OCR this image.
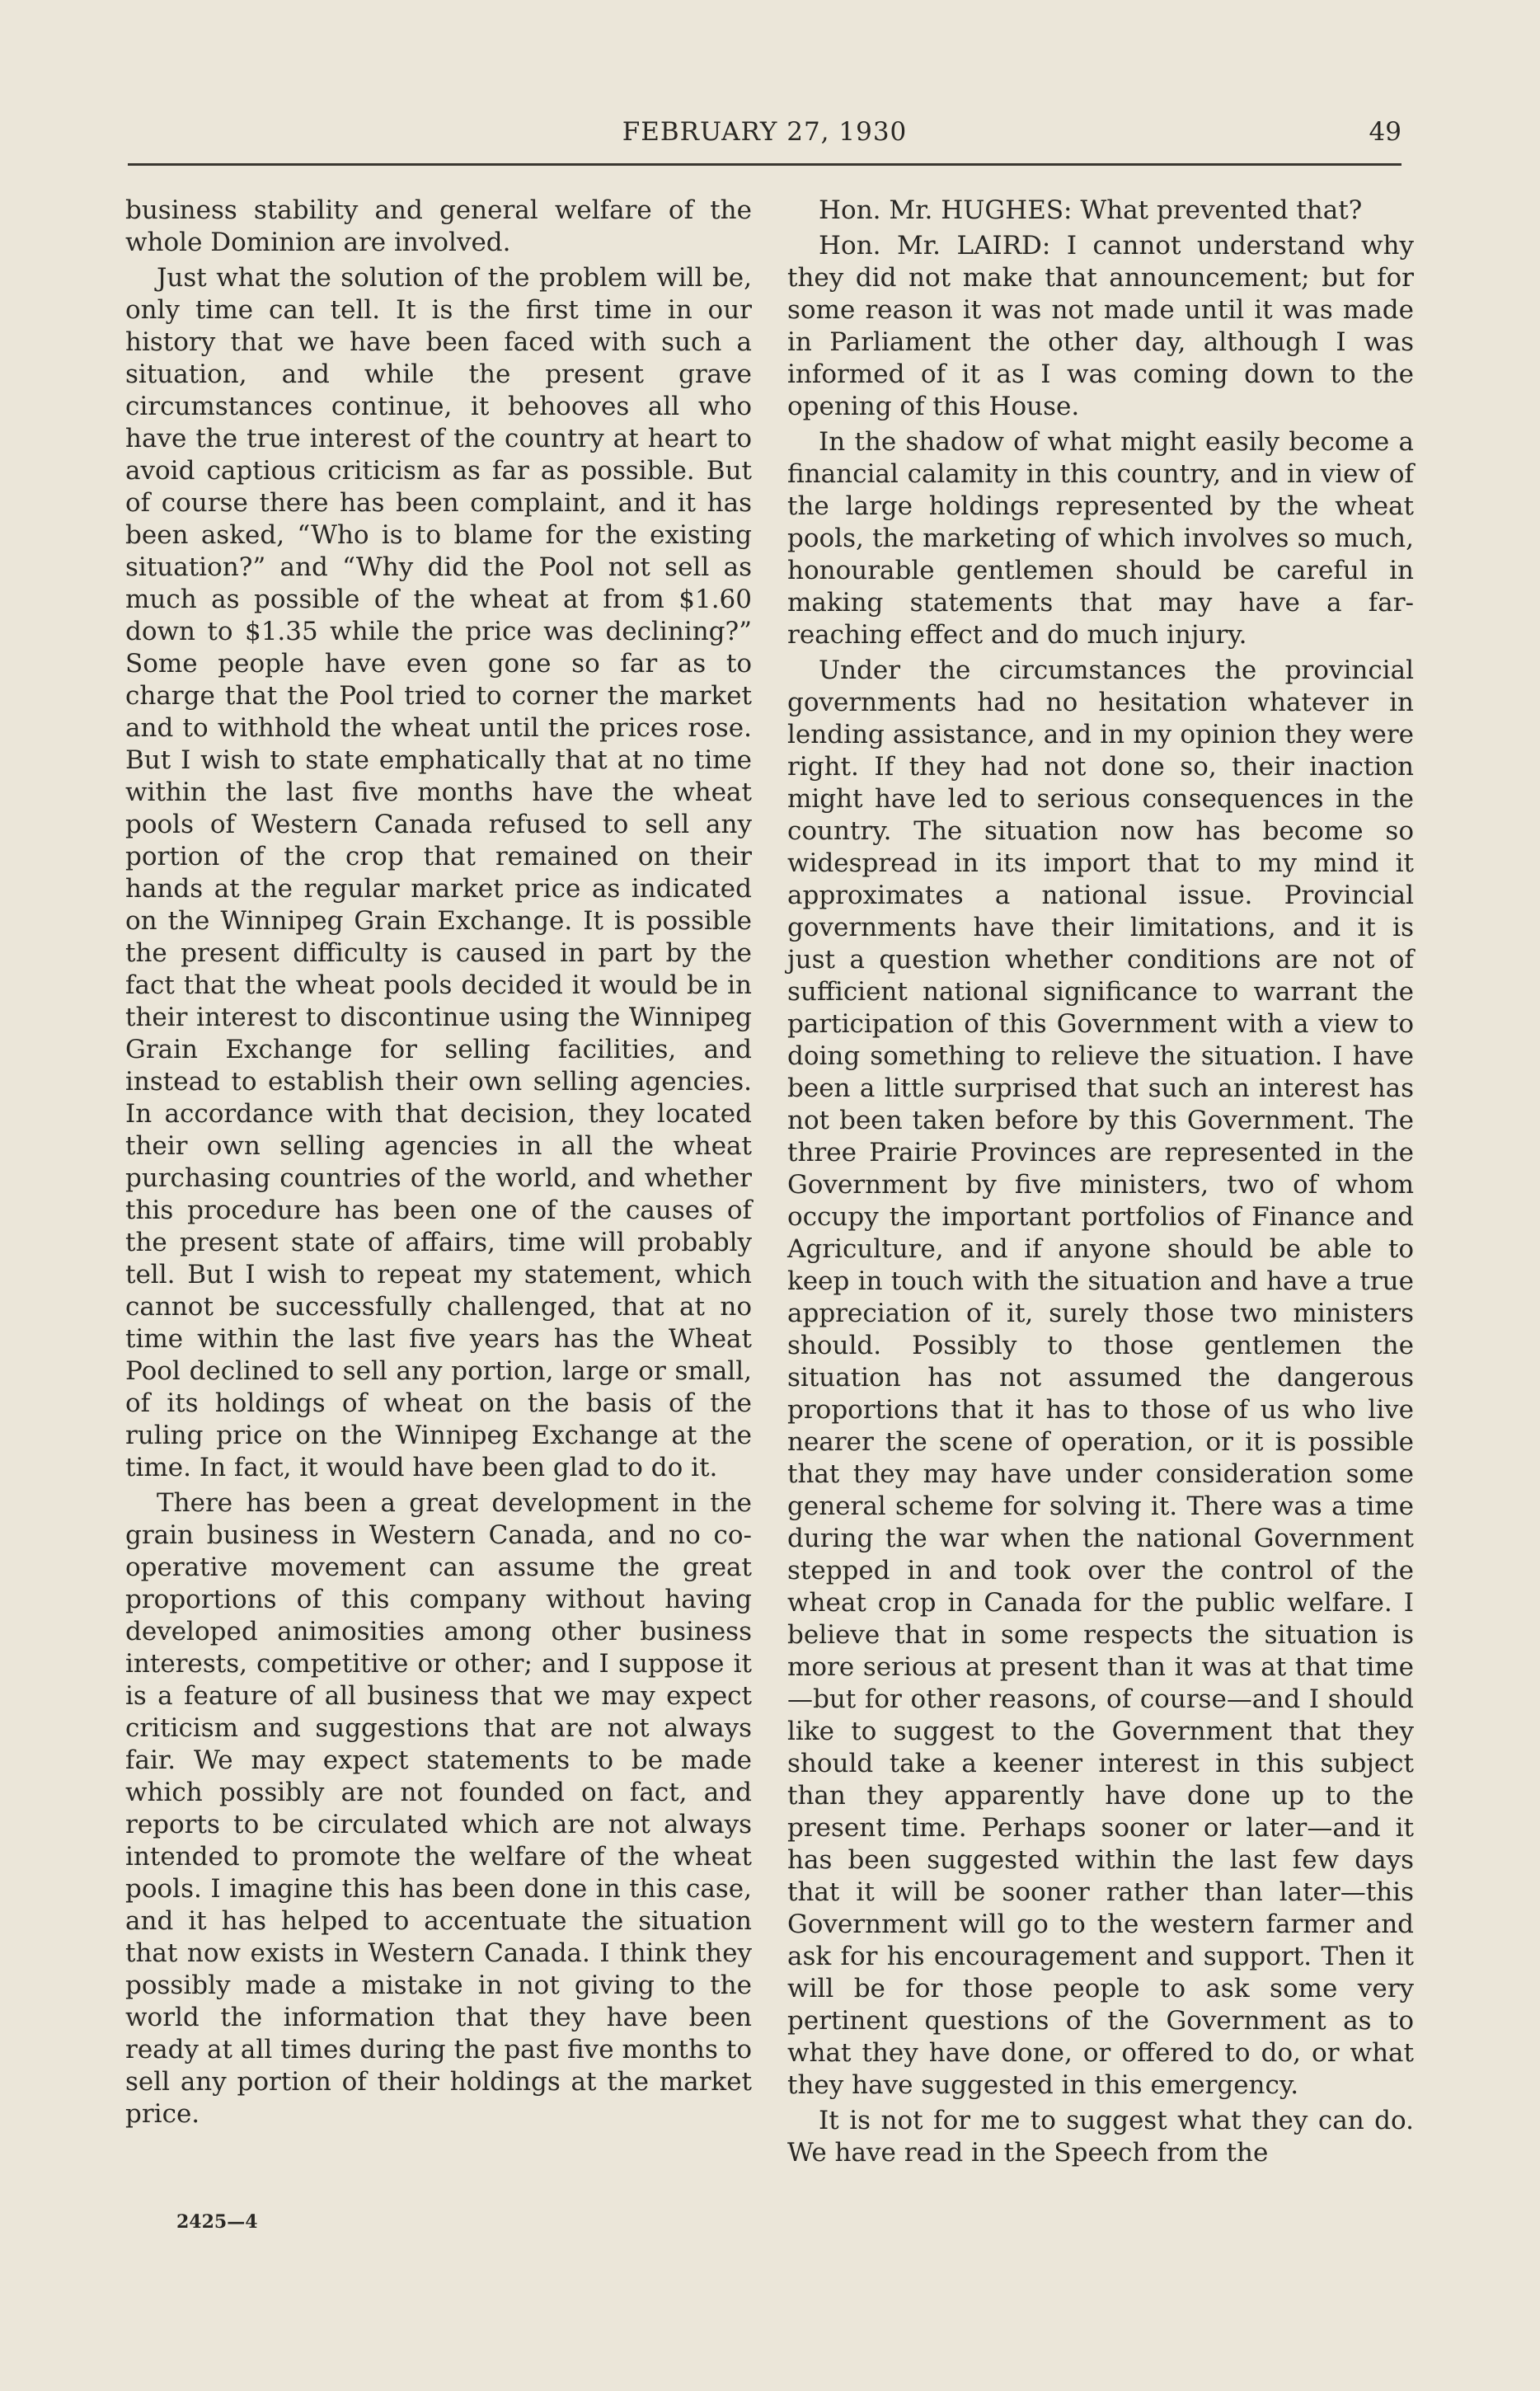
FEBRUARY 27, 1930	49

business stability and general welfare of the whole Dominion are involved.

Just what the solution of the problem will be, only time can tell. It is the first time in our history that we have been faced with such a situation, and while the present grave circumstances continue, it behooves all who have the true interest of the country at heart to avoid captious criticism as far as possible. But of course there has been complaint, and it has been asked, “Who is to blame for the existing situation?” and “Why did the Pool not sell as much as possible of the wheat at from $1.60 down to $1.35 while the price was declining?” Some people have even gone so far as to charge that the Pool tried to corner the market and to withhold the wheat until the prices rose. But I wish to state emphatically that at no time within the last five months have the wheat pools of Western Canada refused to sell any portion of the crop that remained on their hands at the regular market price as indicated on the Winnipeg Grain Exchange. It is possible the present difficulty is caused in part by the fact that the wheat pools decided it would be in their interest to discontinue using the Winnipeg Grain Exchange for selling facilities, and instead to establish their own selling agencies. In accordance with that decision, they located their own selling agencies in all the wheat purchasing countries of the world, and whether this procedure has been one of the causes of the present state of affairs, time will probably tell. But I wish to repeat my statement, which cannot be successfully challenged, that at no time within the last five years has the Wheat Pool declined to sell any portion, large or small, of its holdings of wheat on the basis of the ruling price on the Winnipeg Exchange at the time. In fact, it would have been glad to do it.

There has been a great development in the grain business in Western Canada, and no co-operative movement can assume the great proportions of this company without having developed animosities among other business interests, competitive or other; and I suppose it is a feature of all business that we may expect criticism and suggestions that are not always fair. We may expect statements to be made which possibly are not founded on fact, and reports to be circulated which are not always intended to promote the welfare of the wheat pools. I imagine this has been done in this case, and it has helped to accentuate the situation that now exists in Western Canada. I think they possibly made a mistake in not giving to the world the information that they have been ready at all times during the past five months to sell any portion of their holdings at the market price.

Hon. Mr. HUGHES: What prevented that?

Hon. Mr. LAIRD: I cannot understand why they did not make that announcement; but for some reason it was not made until it was made in Parliament the other day, although I was informed of it as I was coming down to the opening of this House.

In the shadow of what might easily become a financial calamity in this country, and in view of the large holdings represented by the wheat pools, the marketing of which involves so much, honourable gentlemen should be careful in making statements that may have a far-reaching effect and do much injury.

Under the circumstances the provincial governments had no hesitation whatever in lending assistance, and in my opinion they were right. If they had not done so, their inaction might have led to serious consequences in the country. The situation now has become so widespread in its import that to my mind it approximates a national issue. Provincial governments have their limitations, and it is just a question whether conditions are not of sufficient national significance to warrant the participation of this Government with a view to doing something to relieve the situation. I have been a little surprised that such an interest has not been taken before by this Government. The three Prairie Provinces are represented in the Government by five ministers, two of whom occupy the important portfolios of Finance and Agriculture, and if anyone should be able to keep in touch with the situation and have a true appreciation of it, surely those two ministers should. Possibly to those gentlemen the situation has not assumed the dangerous proportions that it has to those of us who live nearer the scene of operation, or it is possible that they may have under consideration some general scheme for solving it. There was a time during the war when the national Government stepped in and took over the control of the wheat crop in Canada for the public welfare. I believe that in some respects the situation is more serious at present than it was at that time—but for other reasons, of course—and I should like to suggest to the Government that they should take a keener interest in this subject than they apparently have done up to the present time. Perhaps sooner or later—and it has been suggested within the last few days that it will be sooner rather than later—this Government will go to the western farmer and ask for his encouragement and support. Then it will be for those people to ask some very pertinent questions of the Government as to what they have done, or offered to do, or what they have suggested in this emergency.

It is not for me to suggest what they can do. We have read in the Speech from the

2425—4
